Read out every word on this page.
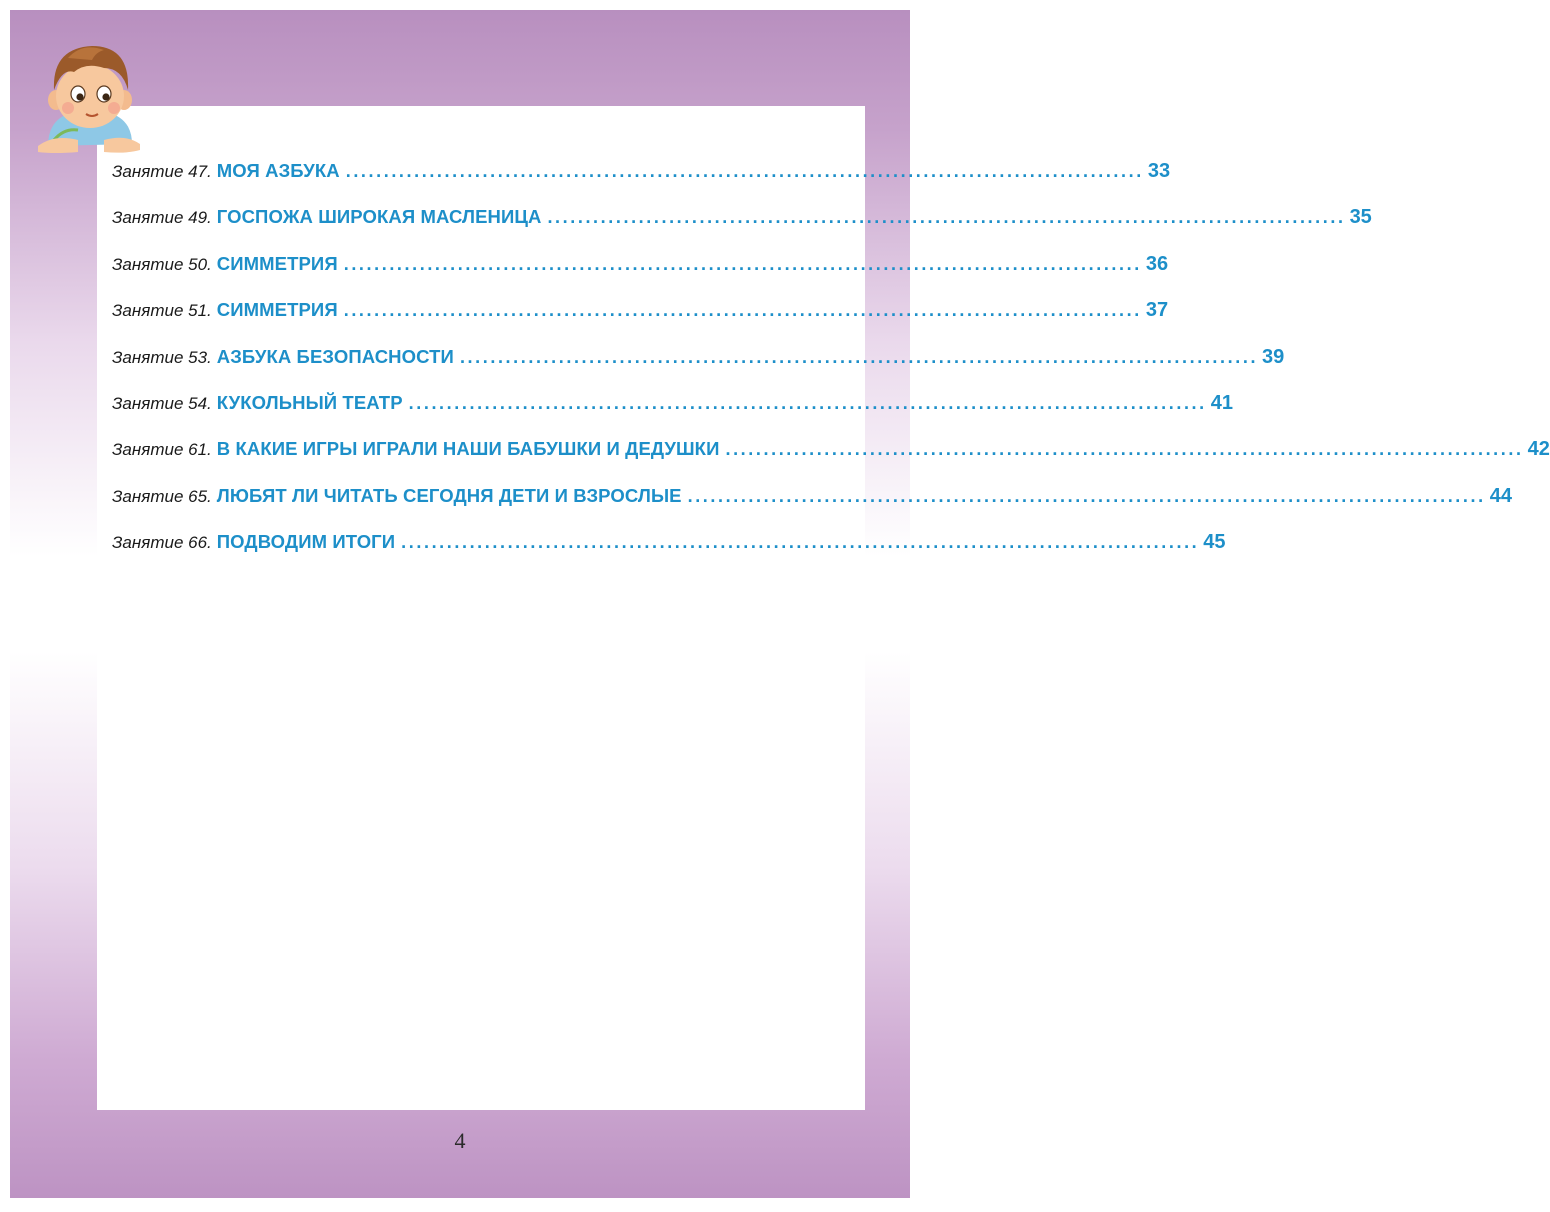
Занятие 47. МОЯ АЗБУКА ......................................................................................................... 33
Занятие 49. ГОСПОЖА ШИРОКАЯ МАСЛЕНИЦА ......................................................................................................... 35
Занятие 50. СИММЕТРИЯ ......................................................................................................... 36
Занятие 51. СИММЕТРИЯ ......................................................................................................... 37
Занятие 53. АЗБУКА БЕЗОПАСНОСТИ ......................................................................................................... 39
Занятие 54. КУКОЛЬНЫЙ ТЕАТР ......................................................................................................... 41
Занятие 61. В КАКИЕ ИГРЫ ИГРАЛИ НАШИ БАБУШКИ И ДЕДУШКИ ......................................................................................................... 42
Занятие 65. ЛЮБЯТ ЛИ ЧИТАТЬ СЕГОДНЯ ДЕТИ И ВЗРОСЛЫЕ ......................................................................................................... 44
Занятие 66. ПОДВОДИМ ИТОГИ ......................................................................................................... 45
4
